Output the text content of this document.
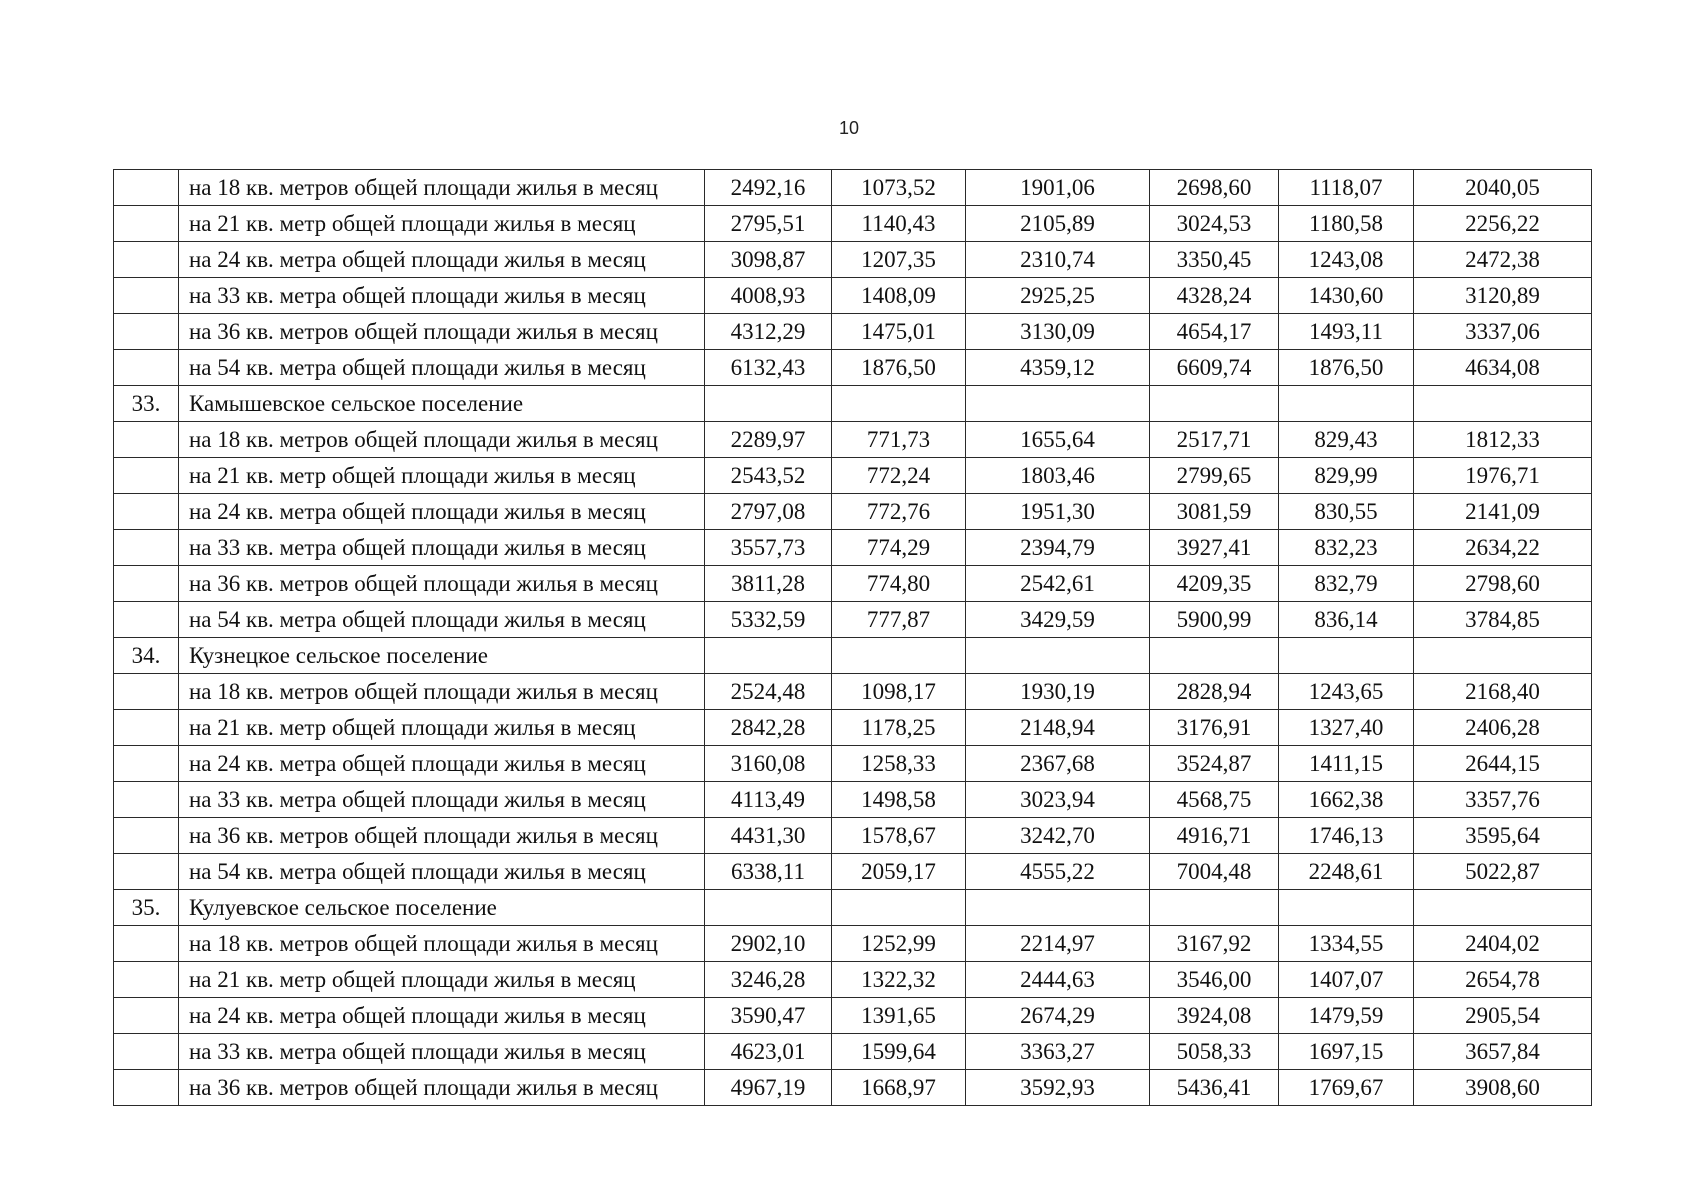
10
	на 18 кв. метров общей площади жилья в месяц	2492,16	1073,52	1901,06	2698,60	1118,07	2040,05
	на 21 кв. метр общей площади жилья в месяц	2795,51	1140,43	2105,89	3024,53	1180,58	2256,22
	на 24 кв. метра общей площади жилья в месяц	3098,87	1207,35	2310,74	3350,45	1243,08	2472,38
	на 33 кв. метра общей площади жилья в месяц	4008,93	1408,09	2925,25	4328,24	1430,60	3120,89
	на 36 кв. метров общей площади жилья в месяц	4312,29	1475,01	3130,09	4654,17	1493,11	3337,06
	на 54 кв. метра общей площади жилья в месяц	6132,43	1876,50	4359,12	6609,74	1876,50	4634,08
33.	Камышевское сельское поселение						
	на 18 кв. метров общей площади жилья в месяц	2289,97	771,73	1655,64	2517,71	829,43	1812,33
	на 21 кв. метр общей площади жилья в месяц	2543,52	772,24	1803,46	2799,65	829,99	1976,71
	на 24 кв. метра общей площади жилья в месяц	2797,08	772,76	1951,30	3081,59	830,55	2141,09
	на 33 кв. метра общей площади жилья в месяц	3557,73	774,29	2394,79	3927,41	832,23	2634,22
	на 36 кв. метров общей площади жилья в месяц	3811,28	774,80	2542,61	4209,35	832,79	2798,60
	на 54 кв. метра общей площади жилья в месяц	5332,59	777,87	3429,59	5900,99	836,14	3784,85
34.	Кузнецкое сельское поселение						
	на 18 кв. метров общей площади жилья в месяц	2524,48	1098,17	1930,19	2828,94	1243,65	2168,40
	на 21 кв. метр общей площади жилья в месяц	2842,28	1178,25	2148,94	3176,91	1327,40	2406,28
	на 24 кв. метра общей площади жилья в месяц	3160,08	1258,33	2367,68	3524,87	1411,15	2644,15
	на 33 кв. метра общей площади жилья в месяц	4113,49	1498,58	3023,94	4568,75	1662,38	3357,76
	на 36 кв. метров общей площади жилья в месяц	4431,30	1578,67	3242,70	4916,71	1746,13	3595,64
	на 54 кв. метра общей площади жилья в месяц	6338,11	2059,17	4555,22	7004,48	2248,61	5022,87
35.	Кулуевское сельское поселение						
	на 18 кв. метров общей площади жилья в месяц	2902,10	1252,99	2214,97	3167,92	1334,55	2404,02
	на 21 кв. метр общей площади жилья в месяц	3246,28	1322,32	2444,63	3546,00	1407,07	2654,78
	на 24 кв. метра общей площади жилья в месяц	3590,47	1391,65	2674,29	3924,08	1479,59	2905,54
	на 33 кв. метра общей площади жилья в месяц	4623,01	1599,64	3363,27	5058,33	1697,15	3657,84
	на 36 кв. метров общей площади жилья в месяц	4967,19	1668,97	3592,93	5436,41	1769,67	3908,60
